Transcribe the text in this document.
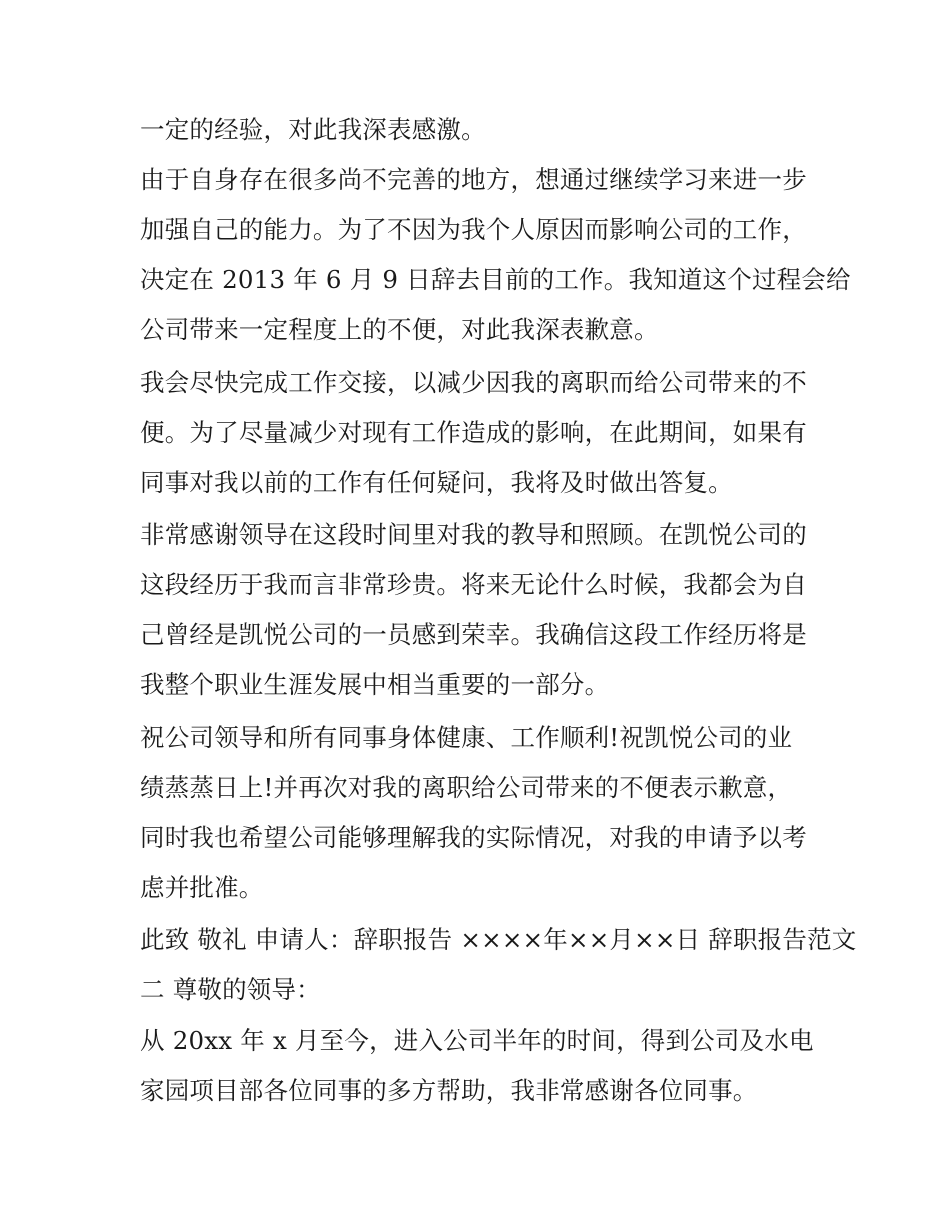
一定的经验，对此我深表感激。
由于自身存在很多尚不完善的地方，想通过继续学习来进一步
加强自己的能力。为了不因为我个人原因而影响公司的工作，
决定在 2013 年 6 月 9 日辞去目前的工作。我知道这个过程会给
公司带来一定程度上的不便，对此我深表歉意。
我会尽快完成工作交接，以减少因我的离职而给公司带来的不
便。为了尽量减少对现有工作造成的影响，在此期间，如果有
同事对我以前的工作有任何疑问，我将及时做出答复。
非常感谢领导在这段时间里对我的教导和照顾。在凯悦公司的
这段经历于我而言非常珍贵。将来无论什么时候，我都会为自
己曾经是凯悦公司的一员感到荣幸。我确信这段工作经历将是
我整个职业生涯发展中相当重要的一部分。
祝公司领导和所有同事身体健康、工作顺利!祝凯悦公司的业
绩蒸蒸日上!并再次对我的离职给公司带来的不便表示歉意，
同时我也希望公司能够理解我的实际情况，对我的申请予以考
虑并批准。
此致 敬礼 申请人：辞职报告 ××××年××月××日 辞职报告范文
二 尊敬的领导：
从 20xx 年 x 月至今，进入公司半年的时间，得到公司及水电
家园项目部各位同事的多方帮助，我非常感谢各位同事。
